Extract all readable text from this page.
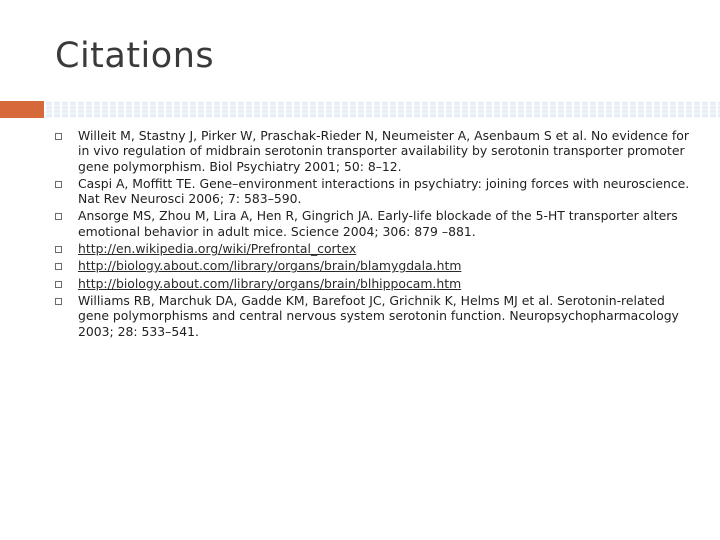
Citations
Willeit M, Stastny J, Pirker W, Praschak-Rieder N, Neumeister A, Asenbaum S et al. No evidence for in vivo regulation of midbrain serotonin transporter availability by serotonin transporter promoter gene polymorphism. Biol Psychiatry 2001; 50: 8–12.
Caspi A, Moffitt TE. Gene–environment interactions in psychiatry: joining forces with neuroscience. Nat Rev Neurosci 2006; 7: 583–590.
Ansorge MS, Zhou M, Lira A, Hen R, Gingrich JA. Early-life blockade of the 5-HT transporter alters emotional behavior in adult mice. Science 2004; 306: 879 –881.
http://en.wikipedia.org/wiki/Prefrontal_cortex
http://biology.about.com/library/organs/brain/blamygdala.htm
http://biology.about.com/library/organs/brain/blhippocam.htm
Williams RB, Marchuk DA, Gadde KM, Barefoot JC, Grichnik K, Helms MJ et al. Serotonin-related gene polymorphisms and central nervous system serotonin function. Neuropsychopharmacology 2003; 28: 533–541.
